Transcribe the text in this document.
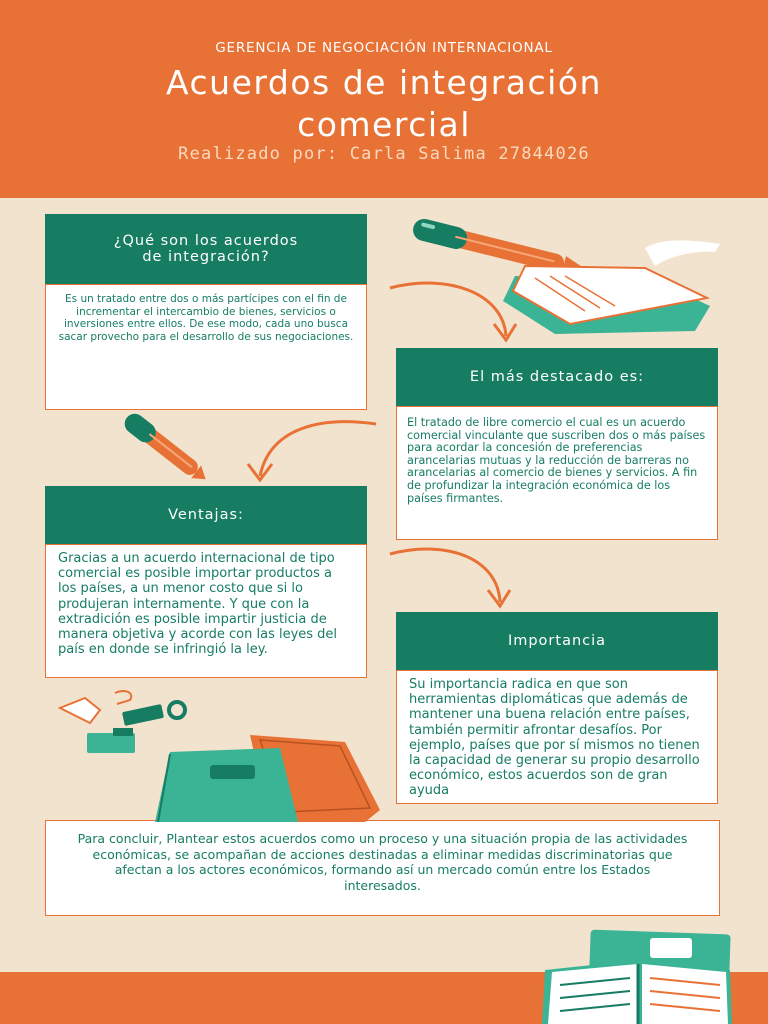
GERENCIA DE NEGOCIACIÓN INTERNACIONAL
Acuerdos de integración
comercial
Realizado por: Carla Salima 27844026
¿Qué son los acuerdos de integración?
Es un tratado entre dos o más partícipes con el fin de incrementar el intercambio de bienes, servicios o inversiones entre ellos. De ese modo, cada uno busca sacar provecho para el desarrollo de sus negociaciones.
El más destacado es:
El tratado de libre comercio el cual es un acuerdo comercial vinculante que suscriben dos o más países para acordar la concesión de preferencias arancelarias mutuas y la reducción de barreras no arancelarias al comercio de bienes y servicios. A fin de profundizar la integración económica de los países firmantes.
Ventajas:
Gracias a un acuerdo internacional de tipo comercial es posible importar productos a los países, a un menor costo que si lo produjeran internamente. Y que con la extradición es posible impartir justicia de manera objetiva y acorde con las leyes del país en donde se infringió la ley.
Importancia
Su importancia radica en que son herramientas diplomáticas que además de mantener una buena relación entre países, también permitir afrontar desafíos. Por ejemplo, países que por sí mismos no tienen la capacidad de generar su propio desarrollo económico, estos acuerdos son de gran ayuda
Para concluir, Plantear estos acuerdos como un proceso y una situación propia de las actividades económicas, se acompañan de acciones destinadas a eliminar medidas discriminatorias que afectan a los actores económicos, formando así un mercado común entre los Estados interesados.
